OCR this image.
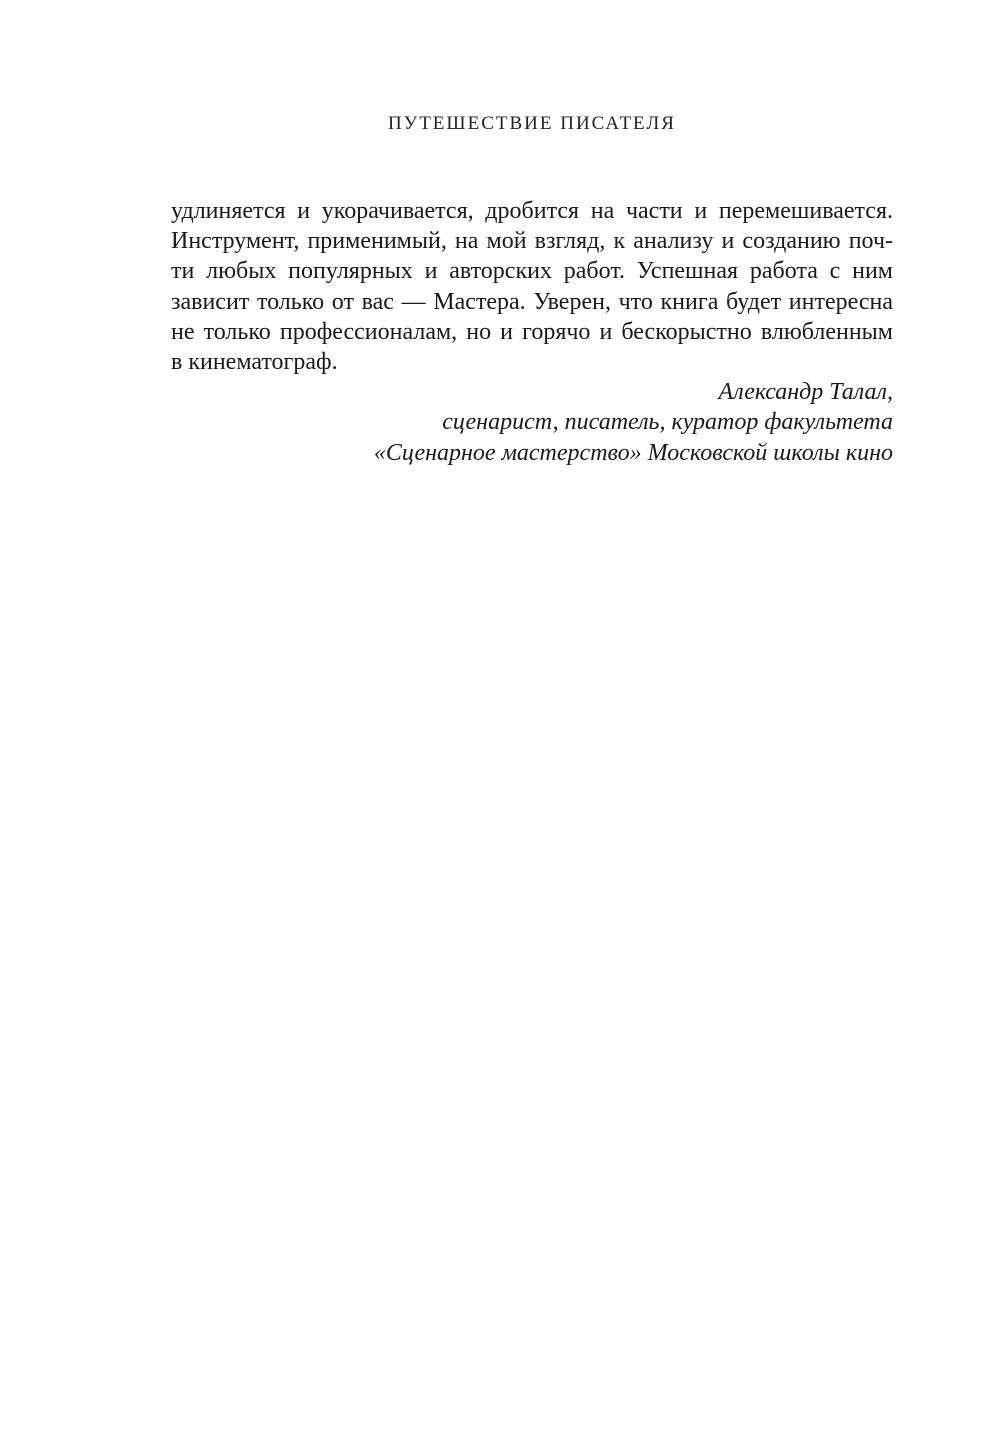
ПУТЕШЕСТВИЕ ПИСАТЕЛЯ

удлиняется и укорачивается, дробится на части и перемешивается.
Инструмент, применимый, на мой взгляд, к анализу и созданию поч-
ти любых популярных и авторских работ. Успешная работа с ним
зависит только от вас — Мастера. Уверен, что книга будет интересна
не только профессионалам, но и горячо и бескорыстно влюбленным
в кинематограф.

Александр Талал,
сценарист, писатель, куратор факультета
«Сценарное мастерство» Московской школы кино
